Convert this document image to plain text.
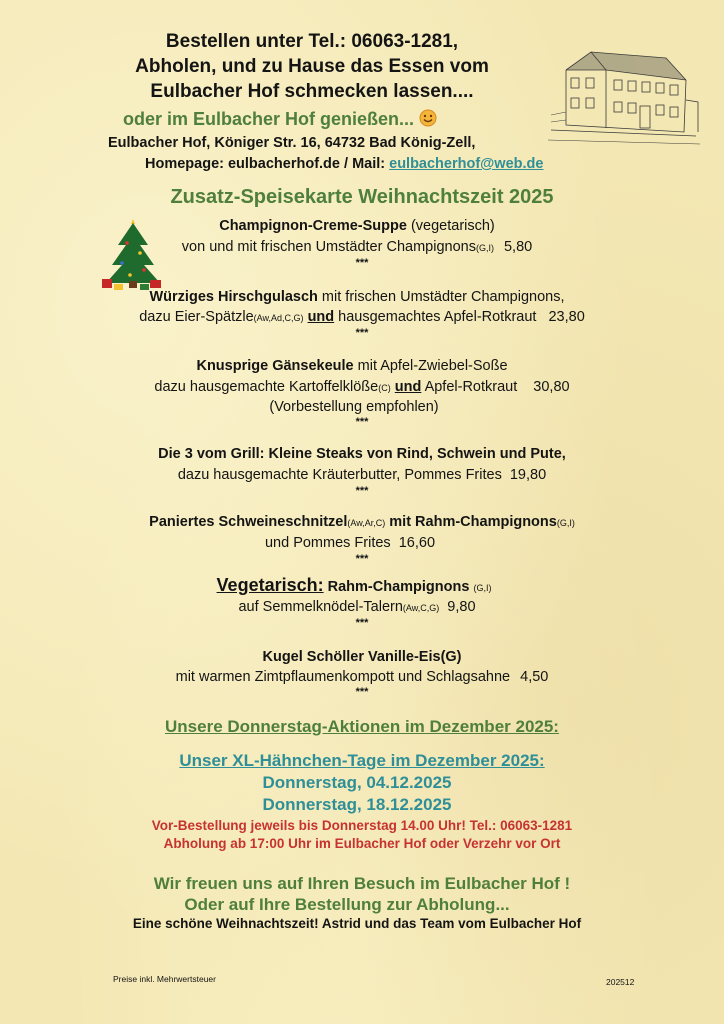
Bestellen unter Tel.: 06063-1281,
Abholen, und zu Hause das Essen vom
Eulbacher Hof schmecken lassen....
oder im Eulbacher Hof genießen...
Eulbacher Hof, Königer Str. 16, 64732 Bad König-Zell,
Homepage: eulbacherhof.de / Mail: eulbacherhof@web.de
Zusatz-Speisekarte Weihnachtszeit 2025
Champignon-Creme-Suppe (vegetarisch)
von und mit frischen Umstädter Champignons(G,I) 5,80
***
Würziges Hirschgulasch mit frischen Umstädter Champignons,
dazu Eier-Spätzle(Aw,Ad,C,G) und hausgemachtes Apfel-Rotkraut 23,80
***
Knusprige Gänsekeule mit Apfel-Zwiebel-Soße
dazu hausgemachte Kartoffelklöße(C) und Apfel-Rotkraut 30,80
(Vorbestellung empfohlen)
***
Die 3 vom Grill: Kleine Steaks von Rind, Schwein und Pute,
dazu hausgemachte Kräuterbutter, Pommes Frites 19,80
***
Paniertes Schweineschnitzel(Aw,Ar,C) mit Rahm-Champignons(G,I)
und Pommes Frites 16,60
***
Vegetarisch: Rahm-Champignons (G,I)
auf Semmelknödel-Talern(Aw,C,G) 9,80
***
Kugel Schöller Vanille-Eis(G)
mit warmen Zimtpflaumenkompott und Schlagsahne 4,50
***
Unsere Donnerstag-Aktionen im Dezember 2025:
Unser XL-Hähnchen-Tage im Dezember 2025:
Donnerstag, 04.12.2025
Donnerstag, 18.12.2025
Vor-Bestellung jeweils bis Donnerstag 14.00 Uhr! Tel.: 06063-1281
Abholung ab 17:00 Uhr im Eulbacher Hof oder Verzehr vor Ort
Wir freuen uns auf Ihren Besuch im Eulbacher Hof !
Oder auf Ihre Bestellung zur Abholung...
Eine schöne Weihnachtszeit! Astrid und das Team vom Eulbacher Hof
Preise inkl. Mehrwertsteuer	202512
